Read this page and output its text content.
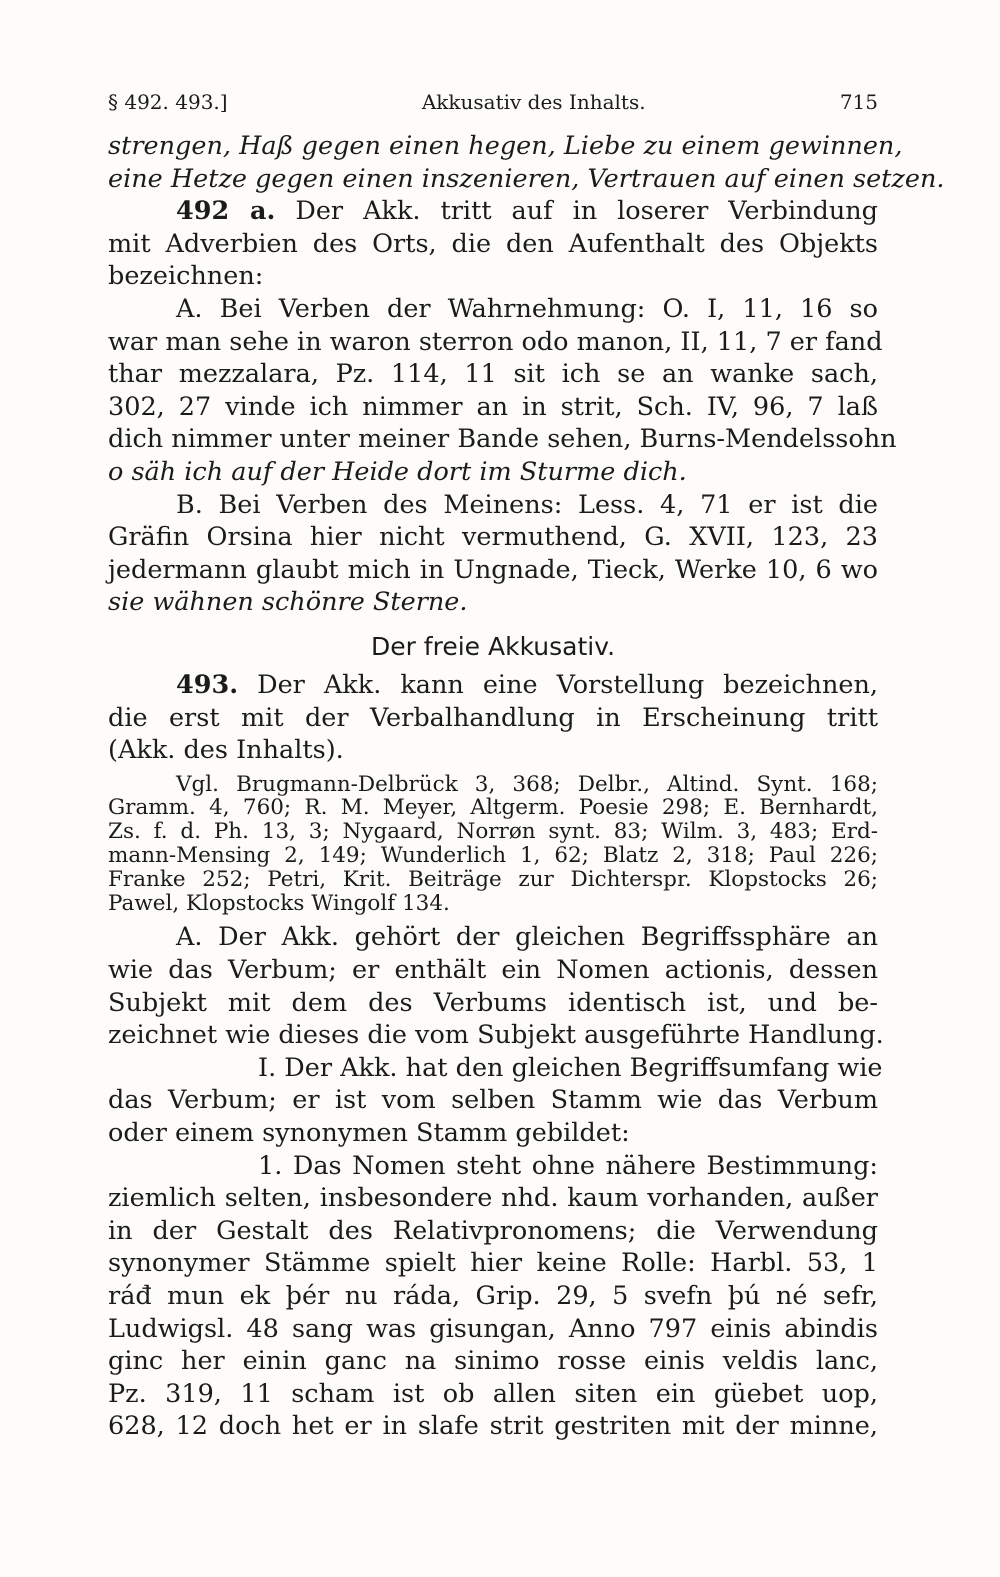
§ 492. 493.]	Akkusativ des Inhalts.	715
strengen, Haß gegen einen hegen, Liebe zu einem gewinnen,
eine Hetze gegen einen inszenieren, Vertrauen auf einen setzen.
492 a. Der Akk. tritt auf in loserer Verbindung
mit Adverbien des Orts, die den Aufenthalt des Objekts
bezeichnen:
A. Bei Verben der Wahrnehmung: O. I, 11, 16 so
war man sehe in waron sterron odo manon, II, 11, 7 er fand
thar mezzalara, Pz. 114, 11 sit ich se an wanke sach,
302, 27 vinde ich nimmer an in strit, Sch. IV, 96, 7 laß
dich nimmer unter meiner Bande sehen, Burns-Mendelssohn
o säh ich auf der Heide dort im Sturme dich.
B. Bei Verben des Meinens: Less. 4, 71 er ist die
Gräfin Orsina hier nicht vermuthend, G. XVII, 123, 23
jedermann glaubt mich in Ungnade, Tieck, Werke 10, 6 wo
sie wähnen schönre Sterne.
Der freie Akkusativ.
493. Der Akk. kann eine Vorstellung bezeichnen,
die erst mit der Verbalhandlung in Erscheinung tritt
(Akk. des Inhalts).
Vgl. Brugmann-Delbrück 3, 368; Delbr., Altind. Synt. 168;
Gramm. 4, 760; R. M. Meyer, Altgerm. Poesie 298; E. Bernhardt,
Zs. f. d. Ph. 13, 3; Nygaard, Norrøn synt. 83; Wilm. 3, 483; Erd-
mann-Mensing 2, 149; Wunderlich 1, 62; Blatz 2, 318; Paul 226;
Franke 252; Petri, Krit. Beiträge zur Dichterspr. Klopstocks 26;
Pawel, Klopstocks Wingolf 134.
A. Der Akk. gehört der gleichen Begriffssphäre an
wie das Verbum; er enthält ein Nomen actionis, dessen
Subjekt mit dem des Verbums identisch ist, und be-
zeichnet wie dieses die vom Subjekt ausgeführte Handlung.
I. Der Akk. hat den gleichen Begriffsumfang wie
das Verbum; er ist vom selben Stamm wie das Verbum
oder einem synonymen Stamm gebildet:
1. Das Nomen steht ohne nähere Bestimmung:
ziemlich selten, insbesondere nhd. kaum vorhanden, außer
in der Gestalt des Relativpronomens; die Verwendung
synonymer Stämme spielt hier keine Rolle: Harbl. 53, 1
ráđ mun ek þér nu ráda, Grip. 29, 5 svefn þú né sefr,
Ludwigsl. 48 sang was gisungan, Anno 797 einis abindis
ginc her einin ganc na sinimo rosse einis veldis lanc,
Pz. 319, 11 scham ist ob allen siten ein güebet uop,
628, 12 doch het er in slafe strit gestriten mit der minne,
